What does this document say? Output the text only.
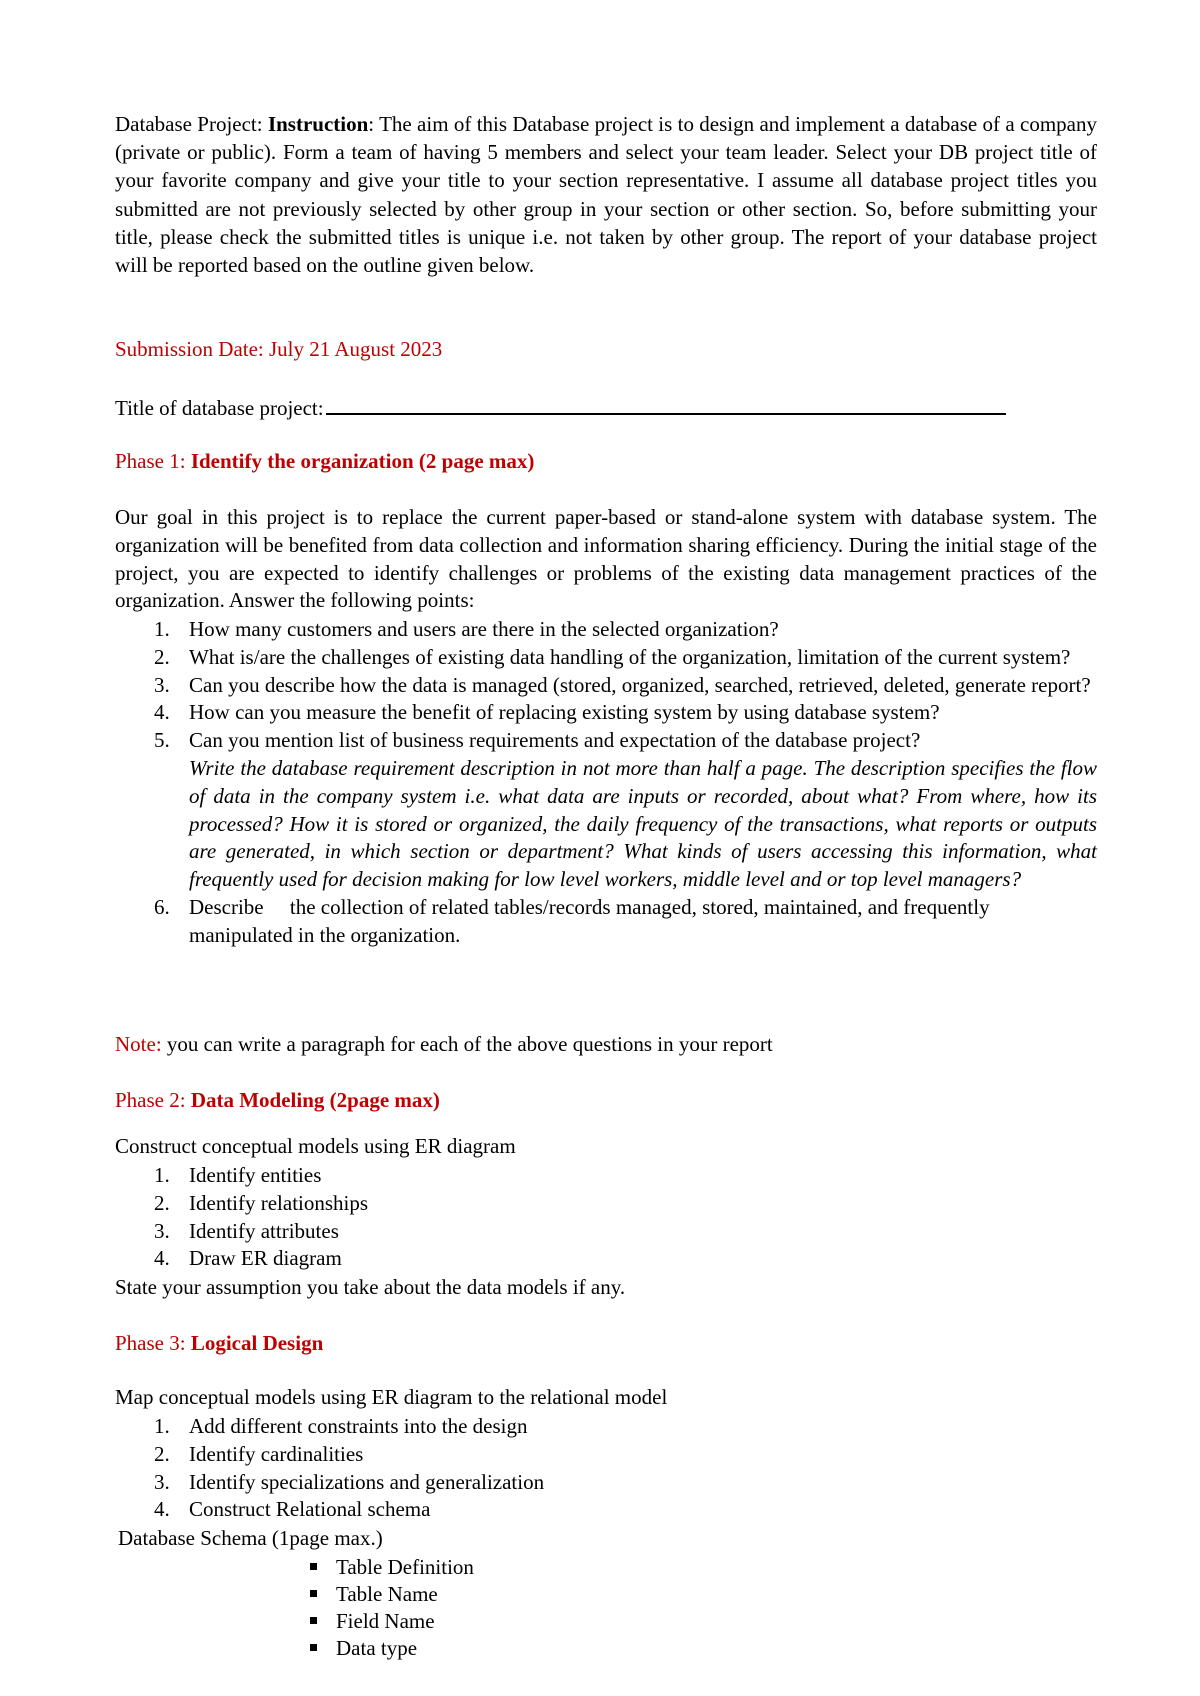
Database Project: Instruction: The aim of this Database project is to design and implement a database of a company (private or public). Form a team of having 5 members and select your team leader. Select your DB project title of your favorite company and give your title to your section representative. I assume all database project titles you submitted are not previously selected by other group in your section or other section. So, before submitting your title, please check the submitted titles is unique i.e. not taken by other group. The report of your database project will be reported based on the outline given below.

Submission Date: July 21 August 2023

Title of database project:

Phase 1: Identify the organization (2 page max)

Our goal in this project is to replace the current paper-based or stand-alone system with database system. The organization will be benefited from data collection and information sharing efficiency. During the initial stage of the project, you are expected to identify challenges or problems of the existing data management practices of the organization. Answer the following points:

1. How many customers and users are there in the selected organization?
2. What is/are the challenges of existing data handling of the organization, limitation of the current system?
3. Can you describe how the data is managed (stored, organized, searched, retrieved, deleted, generate report?
4. How can you measure the benefit of replacing existing system by using database system?
5. Can you mention list of business requirements and expectation of the database project?
Write the database requirement description in not more than half a page. The description specifies the flow of data in the company system i.e. what data are inputs or recorded, about what? From where, how its processed? How it is stored or organized, the daily frequency of the transactions, what reports or outputs are generated, in which section or department? What kinds of users accessing this information, what frequently used for decision making for low level workers, middle level and or top level managers?
6. Describe     the collection of related tables/records managed, stored, maintained, and frequently manipulated in the organization.

Note: you can write a paragraph for each of the above questions in your report

Phase 2: Data Modeling (2page max)

Construct conceptual models using ER diagram

1. Identify entities
2. Identify relationships
3. Identify attributes
4. Draw ER diagram

State your assumption you take about the data models if any.

Phase 3: Logical Design

Map conceptual models using ER diagram to the relational model

1. Add different constraints into the design
2. Identify cardinalities
3. Identify specializations and generalization
4. Construct Relational schema

Database Schema (1page max.)

Table Definition
Table Name
Field Name
Data type
